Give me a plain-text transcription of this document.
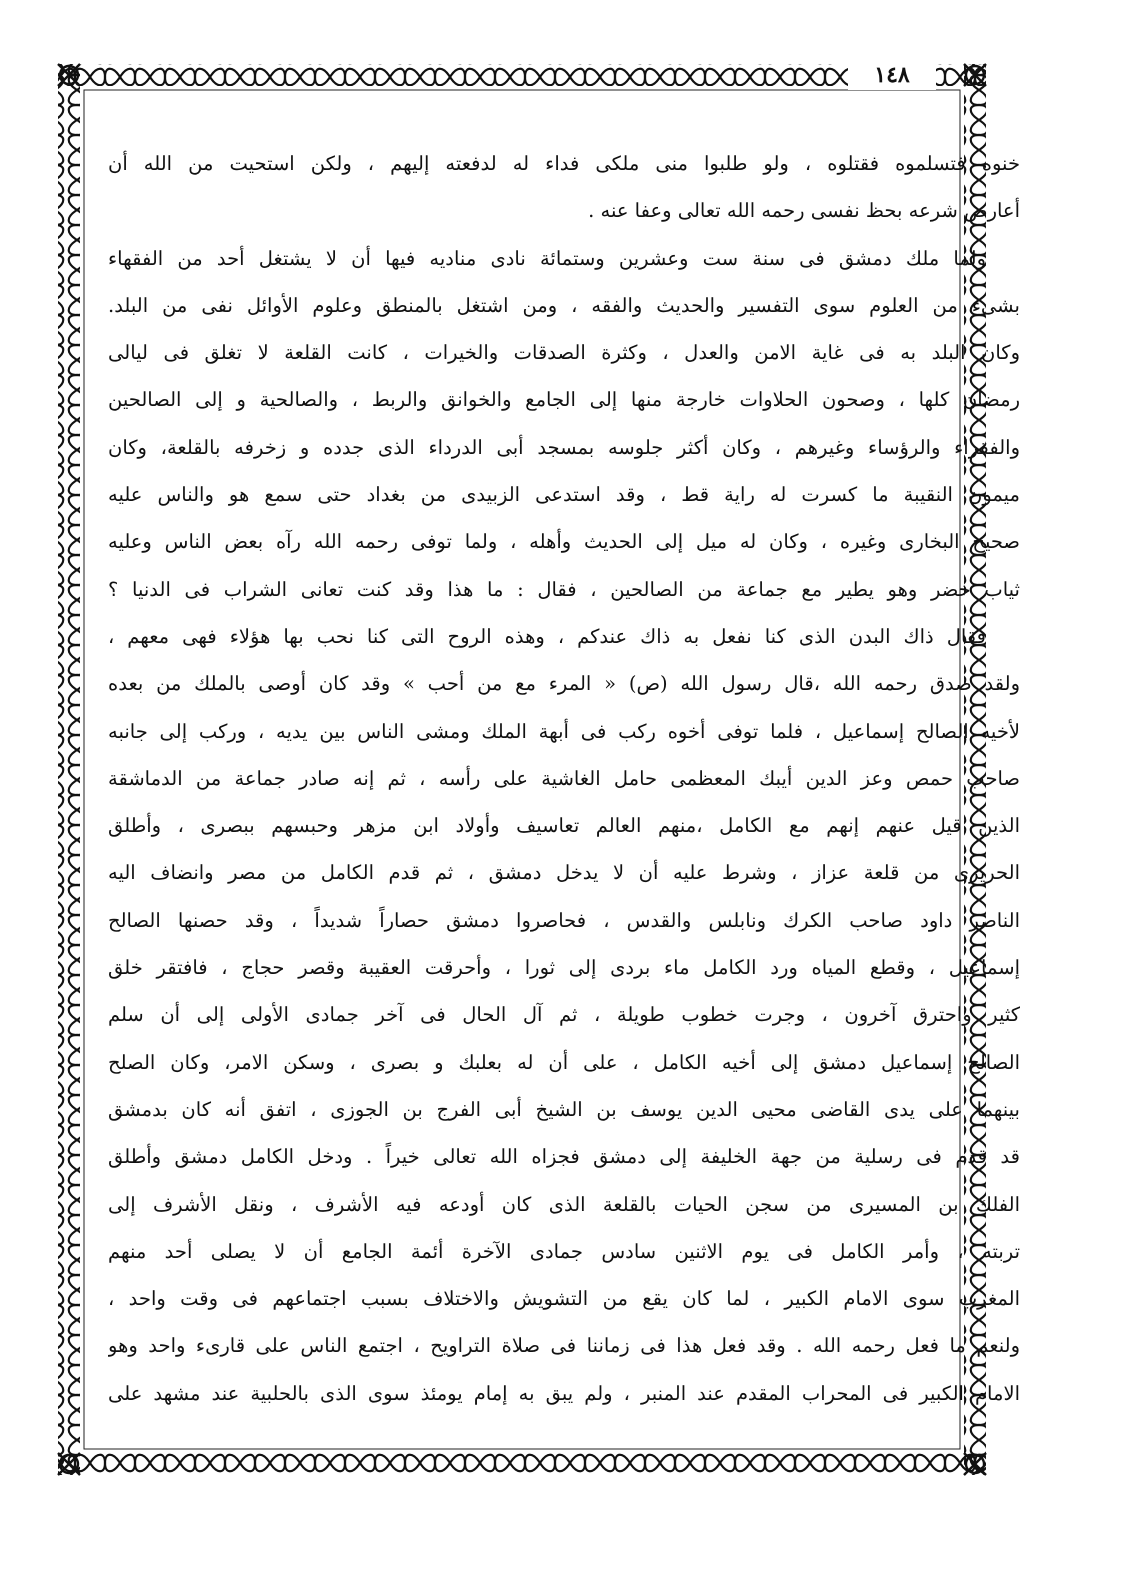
١٤٨
خنوه فتسلموه فقتلوه ، ولو طلبوا منى ملكى فداء له لدفعته إليهم ، ولكن استحيت من الله أن
أعارض شرعه بحظ نفسى رحمه الله تعالى وعفا عنه .
ولما ملك دمشق فى سنة ست وعشرين وستمائة نادى مناديه فيها أن لا يشتغل أحد من الفقهاء
بشىء من العلوم سوى التفسير والحديث والفقه ، ومن اشتغل بالمنطق وعلوم الأوائل نفى من البلد.
وكان البلد به فى غاية الامن والعدل ، وكثرة الصدقات والخيرات ، كانت القلعة لا تغلق فى ليالى
رمضان كلها ، وصحون الحلاوات خارجة منها إلى الجامع والخوانق والربط ، والصالحية و إلى الصالحين
والفقراء والرؤساء وغيرهم ، وكان أكثر جلوسه بمسجد أبى الدرداء الذى جدده و زخرفه بالقلعة، وكان
ميمون النقيبة ما كسرت له راية قط ، وقد استدعى الزبيدى من بغداد حتى سمع هو والناس عليه
صحيح البخارى وغيره ، وكان له ميل إلى الحديث وأهله ، ولما توفى رحمه الله رآه بعض الناس وعليه
ثياب خضر وهو يطير مع جماعة من الصالحين ، فقال : ما هذا وقد كنت تعانى الشراب فى الدنيا ؟
فقال ذاك البدن الذى كنا نفعل به ذاك عندكم ، وهذه الروح التى كنا نحب بها هؤلاء فهى معهم ،
ولقد صدق رحمه الله ،قال رسول الله (ص) « المرء مع من أحب » وقد كان أوصى بالملك من بعده
لأخيه الصالح إسماعيل ، فلما توفى أخوه ركب فى أبهة الملك ومشى الناس بين يديه ، وركب إلى جانبه
صاحب حمص وعز الدين أيبك المعظمى حامل الغاشية على رأسه ، ثم إنه صادر جماعة من الدماشقة
الذين قيل عنهم إنهم مع الكامل ،منهم العالم تعاسيف وأولاد ابن مزهر وحبسهم ببصرى ، وأطلق
الحريرى من قلعة عزاز ، وشرط عليه أن لا يدخل دمشق ، ثم قدم الكامل من مصر وانضاف اليه
الناصر داود صاحب الكرك ونابلس والقدس ، فحاصروا دمشق حصاراً شديداً ، وقد حصنها الصالح
إسماعيل ، وقطع المياه ورد الكامل ماء بردى إلى ثورا ، وأحرقت العقيبة وقصر حجاج ، فافتقر خلق
كثير واحترق آخرون ، وجرت خطوب طويلة ، ثم آل الحال فى آخر جمادى الأولى إلى أن سلم
الصالح إسماعيل دمشق إلى أخيه الكامل ، على أن له بعلبك و بصرى ، وسكن الامر، وكان الصلح
بينهما على يدى القاضى محيى الدين يوسف بن الشيخ أبى الفرج بن الجوزى ، اتفق أنه كان بدمشق
قد قدم فى رسلية من جهة الخليفة إلى دمشق فجزاه الله تعالى خيراً . ودخل الكامل دمشق وأطلق
الفلك بن المسيرى من سجن الحيات بالقلعة الذى كان أودعه فيه الأشرف ، ونقل الأشرف إلى
تربته ، وأمر الكامل فى يوم الاثنين سادس جمادى الآخرة أئمة الجامع أن لا يصلى أحد منهم
المغرب سوى الامام الكبير ، لما كان يقع من التشويش والاختلاف بسبب اجتماعهم فى وقت واحد ،
ولنعم ما فعل رحمه الله . وقد فعل هذا فى زماننا فى صلاة التراويح ، اجتمع الناس على قارىء واحد وهو
الامام الكبير فى المحراب المقدم عند المنبر ، ولم يبق به إمام يومئذ سوى الذى بالحلبية عند مشهد على
